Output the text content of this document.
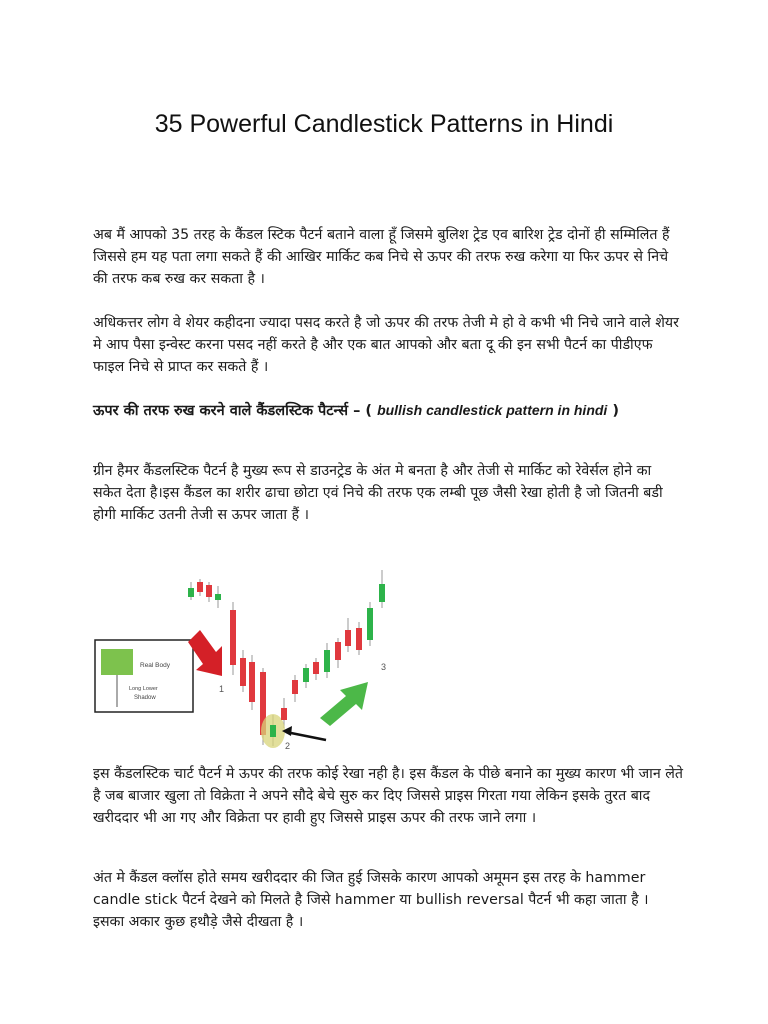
35 Powerful Candlestick Patterns in Hindi

अब मैं आपको 35 तरह के कैंडल स्टिक पैटर्न बताने वाला हूँ जिसमे बुलिश ट्रेड एव बारिश ट्रेड दोनों ही सम्मिलित हैं जिससे हम यह पता लगा सकते हैं की आखिर मार्किट कब निचे से ऊपर की तरफ रुख करेगा या फिर ऊपर से निचे की तरफ कब रुख कर सकता है ।

अधिकत्तर लोग वे शेयर कहीदना ज्यादा पसद करते है जो ऊपर की तरफ तेजी मे हो वे कभी भी निचे जाने वाले शेयर मे आप पैसा इन्वेस्ट करना पसद नहीं करते है और एक बात आपको और बता दू की इन सभी पैटर्न का पीडीएफ फाइल निचे से प्राप्त कर सकते हैं ।

ऊपर की तरफ रुख करने वाले कैंडलस्टिक पैटर्न्स – ( bullish candlestick pattern in hindi )

ग्रीन हैमर कैंडलस्टिक पैटर्न है मुख्य रूप से डाउनट्रेड के अंत मे बनता है और तेजी से मार्किट को रेवेर्सल होने का सकेत देता है।इस कैंडल का शरीर ढाचा छोटा एवं निचे की तरफ एक लम्बी पूछ जैसी रेखा होती है जो जितनी बडी होगी मार्किट उतनी तेजी स ऊपर जाता हैं ।

Real Body
Long Lower
Shadow
1
2
3

इस कैंडलस्टिक चार्ट पैटर्न मे ऊपर की तरफ कोई रेखा नही है। इस कैंडल के पीछे बनाने का मुख्य कारण भी जान लेते है जब बाजार खुला तो विक्रेता ने अपने सौदे बेचे सुरु कर दिए जिससे प्राइस गिरता गया लेकिन इसके तुरत बाद खरीददार भी आ गए और विक्रेता पर हावी हुए जिससे प्राइस ऊपर की तरफ जाने लगा ।

अंत मे कैंडल क्लॉस होते समय खरीददार की जित हुई जिसके कारण आपको अमूमन इस तरह के hammer candle stick पैटर्न देखने को मिलते है जिसे hammer या bullish reversal पैटर्न भी कहा जाता है । इसका अकार कुछ हथौड़े जैसे दीखता है ।
